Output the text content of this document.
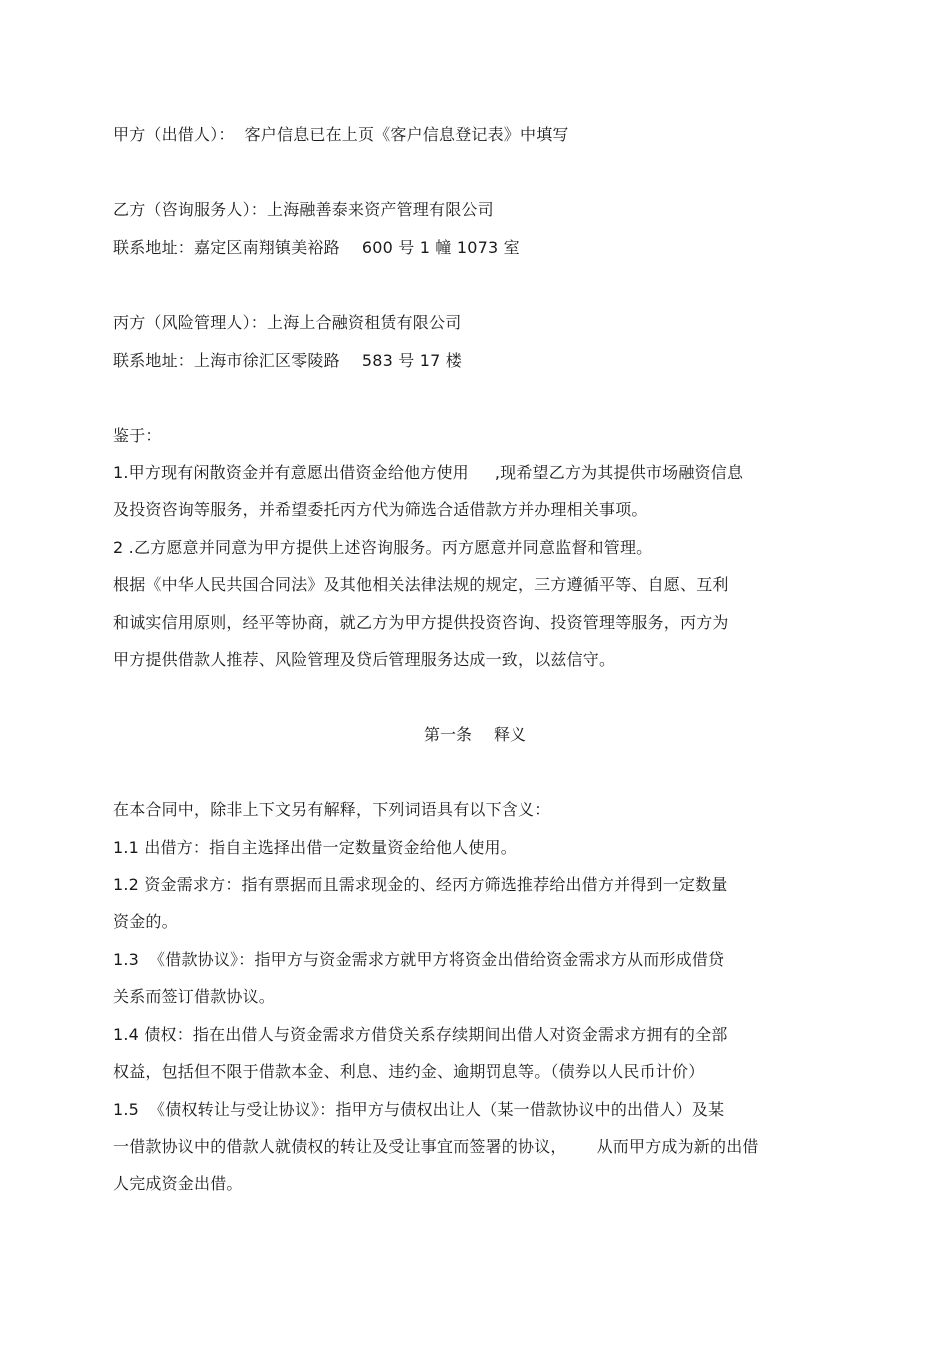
甲方（出借人）： 客户信息已在上页《客户信息登记表》中填写
乙方（咨询服务人）：上海融善泰来资产管理有限公司
联系地址：嘉定区南翔镇美裕路 600 号 1 幢 1073 室
丙方（风险管理人）：上海上合融资租赁有限公司
联系地址：上海市徐汇区零陵路 583 号 17 楼
鉴于：
1.甲方现有闲散资金并有意愿出借资金给他方使用 ,现希望乙方为其提供市场融资信息
及投资咨询等服务，并希望委托丙方代为筛选合适借款方并办理相关事项。
2 .乙方愿意并同意为甲方提供上述咨询服务。丙方愿意并同意监督和管理。
根据《中华人民共国合同法》及其他相关法律法规的规定，三方遵循平等、自愿、互利
和诚实信用原则，经平等协商，就乙方为甲方提供投资咨询、投资管理等服务，丙方为
甲方提供借款人推荐、风险管理及贷后管理服务达成一致，以兹信守。
第一条 释义
在本合同中，除非上下文另有解释，下列词语具有以下含义：
1.1 出借方：指自主选择出借一定数量资金给他人使用。
1.2 资金需求方：指有票据而且需求现金的、经丙方筛选推荐给出借方并得到一定数量
资金的。
1.3 《借款协议》：指甲方与资金需求方就甲方将资金出借给资金需求方从而形成借贷
关系而签订借款协议。
1.4 债权：指在出借人与资金需求方借贷关系存续期间出借人对资金需求方拥有的全部
权益，包括但不限于借款本金、利息、违约金、逾期罚息等。（债券以人民币计价）
1.5 《债权转让与受让协议》：指甲方与债权出让人（某一借款协议中的出借人）及某
一借款协议中的借款人就债权的转让及受让事宜而签署的协议， 从而甲方成为新的出借
人完成资金出借。
